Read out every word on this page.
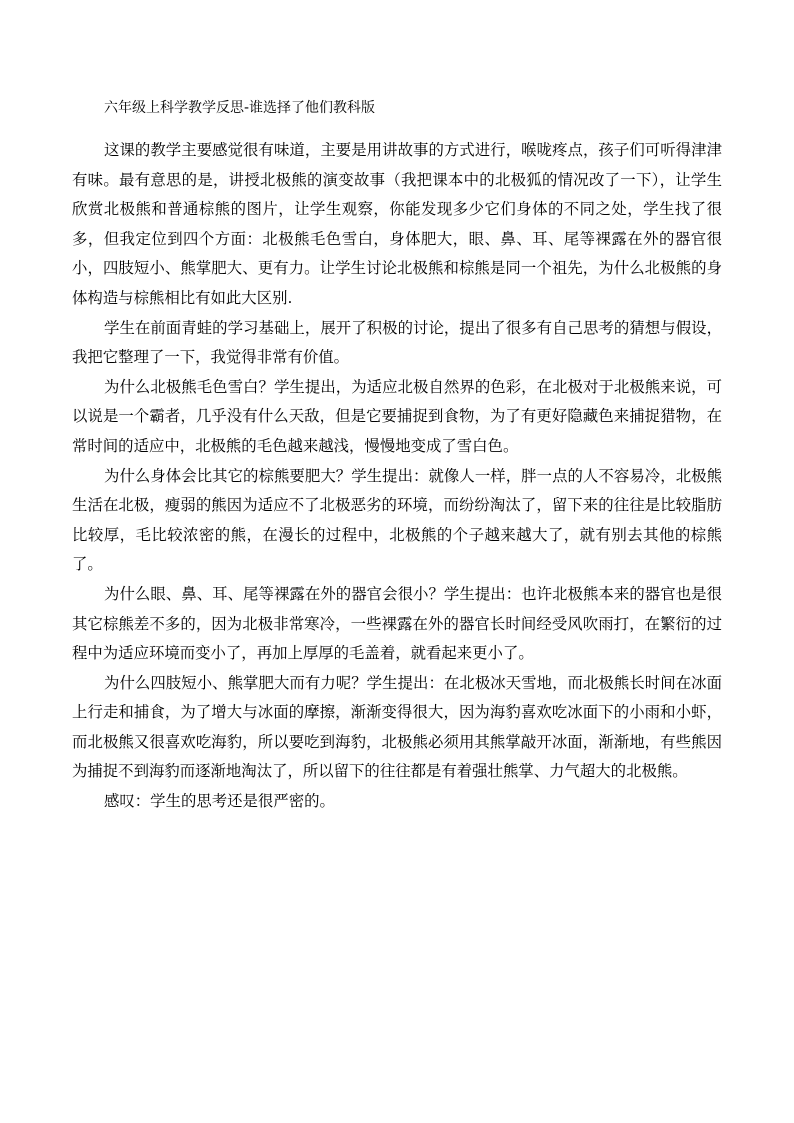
六年级上科学教学反思-谁选择了他们教科版

这课的教学主要感觉很有味道，主要是用讲故事的方式进行，喉咙疼点，孩子们可听得津津有味。最有意思的是，讲授北极熊的演变故事（我把课本中的北极狐的情况改了一下），让学生欣赏北极熊和普通棕熊的图片，让学生观察，你能发现多少它们身体的不同之处，学生找了很多，但我定位到四个方面：北极熊毛色雪白，身体肥大，眼、鼻、耳、尾等裸露在外的器官很小，四肢短小、熊掌肥大、更有力。让学生讨论北极熊和棕熊是同一个祖先，为什么北极熊的身体构造与棕熊相比有如此大区别.

学生在前面青蛙的学习基础上，展开了积极的讨论，提出了很多有自己思考的猜想与假设，我把它整理了一下，我觉得非常有价值。

为什么北极熊毛色雪白？学生提出，为适应北极自然界的色彩，在北极对于北极熊来说，可以说是一个霸者，几乎没有什么天敌，但是它要捕捉到食物，为了有更好隐藏色来捕捉猎物，在常时间的适应中，北极熊的毛色越来越浅，慢慢地变成了雪白色。

为什么身体会比其它的棕熊要肥大？学生提出：就像人一样，胖一点的人不容易冷，北极熊生活在北极，瘦弱的熊因为适应不了北极恶劣的环境，而纷纷淘汰了，留下来的往往是比较脂肪比较厚，毛比较浓密的熊，在漫长的过程中，北极熊的个子越来越大了，就有别去其他的棕熊了。

为什么眼、鼻、耳、尾等裸露在外的器官会很小？学生提出：也许北极熊本来的器官也是很其它棕熊差不多的，因为北极非常寒冷，一些裸露在外的器官长时间经受风吹雨打，在繁衍的过程中为适应环境而变小了，再加上厚厚的毛盖着，就看起来更小了。

为什么四肢短小、熊掌肥大而有力呢？学生提出：在北极冰天雪地，而北极熊长时间在冰面上行走和捕食，为了增大与冰面的摩擦，渐渐变得很大，因为海豹喜欢吃冰面下的小雨和小虾，而北极熊又很喜欢吃海豹，所以要吃到海豹，北极熊必须用其熊掌敲开冰面，渐渐地，有些熊因为捕捉不到海豹而逐渐地淘汰了，所以留下的往往都是有着强壮熊掌、力气超大的北极熊。

感叹：学生的思考还是很严密的。
